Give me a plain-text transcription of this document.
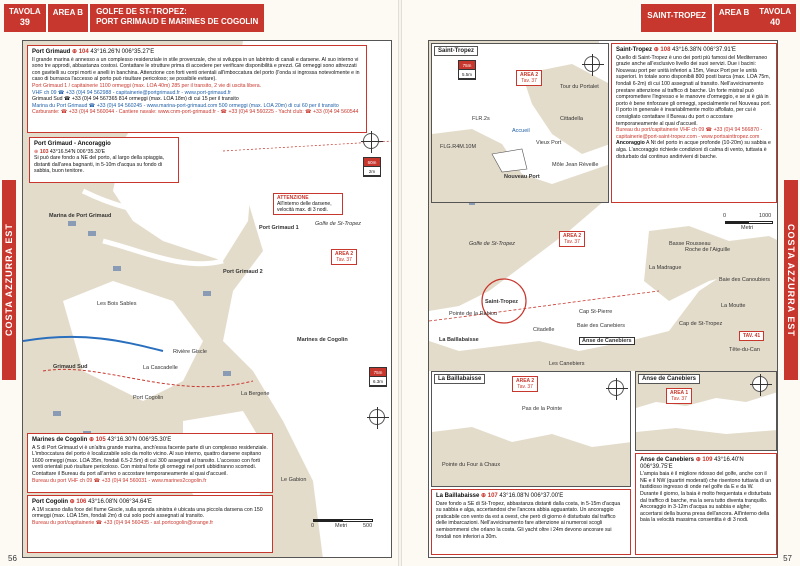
TAVOLA
39
AREA B	GOLFE DE ST-TROPEZ:
PORT GRIMAUD E MARINES DE COGOLIN
Port Grimaud ⊕ 104 43°16.26'N 006°35.27'E
Il grande marina è annesso a un complesso residenziale in stile provenzale, che si sviluppa in un labirinto di canali e darsene. Al suo interno vi sono tre approdi, abbastanza costosi. Contattare le strutture prima di accedere per verificare disponibilità e prezzi. Gli ormeggi sono attrezzati con gavitelli su corpi morti e anelli in banchina. Attenzione con forti venti orientali all'imboccatura del porto (l'onda si ingrossa notevolmente e in caso di burrasca l'accesso al porto può risultare pericoloso; se possibile evitare).
Port Grimaud 1 / capitainerie 1100 ormeggi (max. LOA 40m) 285 per il transito, 2 vie di uscita libera.
VHF ch 09 ☎ +33 (0)4 94 562988 - capitainerie@portgrimaud.fr - www.port-grimaud.fr
Grimaud Sud ☎ +33 (0)4 94 567365 814 ormeggi (max. LOA 18m) di cui 15 per il transito
Marina du Port Grimaud ☎ +33 (0)4 94 560245 - www.marina-port-grimaud.com 500 ormeggi (max. LOA 20m) di cui 60 per il transito
Carburante: ☎ +33 (0)4 94 560044 - Cantiere navale: www.cnm-port-grimaud.fr - ☎ +33 (0)4 94 560225 - Yacht club: ☎ +33 (0)4 94 560544
60m
2m
Port Grimaud - Ancoraggio
⊕ 103 43°16.54'N 006°35.30'E
Si può dare fondo a NE del porto, al largo della spiaggia, distanti dall'area bagnanti, in 5-10m d'acqua su fondo di sabbia, buon tenitore.
ATTENZIONE
All'interno delle darsene, velocità max. di 3 nodi.
Golfe de St-Tropez
AREA 2
Tav. 37
Marina de Port Grimaud
Port Grimaud 1
Grimaud Sud
Port Grimaud 2
Port Cogolin
Marines de Cogolin
Les Bois Sables
La Cascadelle
Rivière Giscle
La Bergerie
Le Gabion
75m
6.3m
0	500
Metri
Marines de Cogolin ⊕ 105 43°16.30'N 006°35.30'E
A S di Port Grimaud vi è un'altra grande marina, anch'essa facente parte di un complesso residenziale. L'imboccatura del porto è localizzabile solo da molto vicino. Al suo interno, quattro darsene ospitano 1600 ormeggi (max. LOA 35m, fondali 6.5-2.5m) di cui 300 assegnati al transito. L'accesso con forti venti orientali può risultare pericoloso. Con mistral forte gli ormeggi nel porti ubbidiranno scomodi. Contattare il Bureau du port all'arrivo o accostare temporaneamente al quai d'accueil.
Bureau du port VHF ch 09 ☎ +33 (0)4 94 560031 - www.marines2cogolin.fr
Port Cogolin ⊕ 106 43°16.08'N 006°34.64'E
A 1M scarso dalla foce del fiume Giscle, sulla sponda sinistra è ubicata una piccola darsena con 150 ormeggi (max. LOA 15m, fondali 2m) di cui solo pochi assegnati al transito.
Bureau du port/capitainerie ☎ +33 (0)4 94 560435 - asl.portcogolin@orange.fr
COSTA AZZURRA EST
56
SAINT-TROPEZ	AREA B	TAVOLA
40
Saint-Tropez
75m
5.5m	AREA 2
Tav. 37
Tour du Portalet
Cittadella
Vieux Port
Nouveau Port
Môle Jean Réveille
FLG.R4M.10M
FLR.2s
Accueil
Saint-Tropez ⊕ 108 43°16.38'N 006°37.91'E
Quello di Saint-Tropez è uno dei porti più famosi del Mediterraneo grazie anche all'esclusivo livello dei suoi servizi. Due i bacini: Nouveau port per unità inferiori a 15m, Vieux Port per le unità superiori. In totale sono disponibili 800 posti barca (max. LOA 75m, fondali 6-2m) di cui 100 assegnati al transito. Nell'avvicinamento prestare attenzione al traffico di barche. Un forte mistral può compromettere l'ingresso e le manovre d'ormeggio, e se si è già in porto è bene rinforzare gli ormeggi, specialmente nel Nouveau port. Il porto in generale è invariabilmente molto affollato, per cui è consigliato contattare il Bureau du port o accostare temporaneamente al quai d'accueil.
Bureau du port/capitainerie VHF ch 09 ☎ +33 (0)4 94 566870 - capitainerie@port-saint-tropez.com - www.portsainttropez.com
Ancoraggio A Nt del porto in acque profonde (10-20m) su sabbia e alga. L'ancoraggio richiede condizioni di calma di vento, tuttavia è disturbato dal continuo andirivieni di barche.
Golfe de St-Tropez
Saint-Tropez
La Baillabaisse
Cap St-Pierre
Baie des Canebiers
Anse de Canebiers
Les Canebiers
Baie des Canoubiers
Pointe de la Rabiou
La Moutte
Cap de St-Tropez
Tête-du-Can
Roche de l'Aiguille
Basse Rousseau
La Madrague
Citadelle
AREA 2
Tav. 37
TAV. 41
0	1000
Metri
La Baillabaisse	AREA 2
Tav. 37
Pas de la Pointe
Pointe du Four à Chaux
Anse de Canebiers
AREA 1
Tav. 37
La Baillabaisse ⊕ 107 43°16.08'N 006°37.00'E
Dare fondo a SE di St-Tropez, abbastanza distanti dalla costa, in 5-15m d'acqua su sabbia e alga, accertandosi che l'ancora abbia agguantato. Un ancoraggio praticabile con vento da est a ovest, che però di giorno è disturbato dal traffico delle imbarcazioni. Nell'avvicinamento fare attenzione ai numerosi scogli semisommersi che orlano la costa. Gli yacht oltre i 24m devono ancorare sui fondali non inferiori a 30m.
Anse de Canebiers ⊕ 109 43°16.40'N 006°39.75'E
L'ampia baia è il migliore ridosso del golfe, anche con il NE e il NW (quartiri moderati) che risentono tuttavia di un fastidioso ingresso di onde nel golfe da E e da W. Durante il giorno, la baia è molto frequentata e disturbata dal traffico di barche, ma la sera tutto diventa tranquillo. Ancoraggio in 3-12m d'acqua su sabbia e alghe; accertarsi della buona presa dell'ancora. All'interno della baia la velocità massima consentita è di 3 nodi.
COSTA AZZURRA EST
57
